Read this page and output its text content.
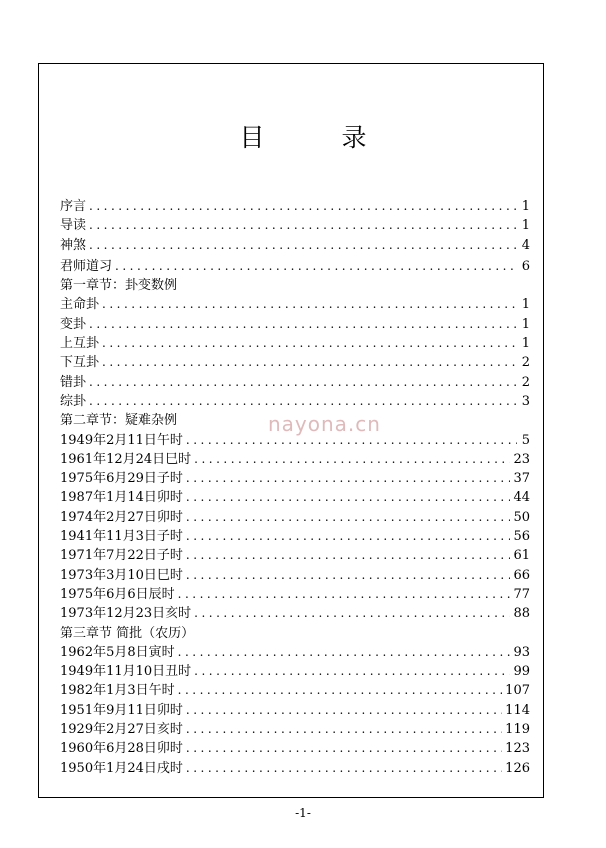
目　录
序言 .....	1
导读 .....	1
神煞 .....	4
君师道习 .....	6
第一章节：卦变数例
主命卦 .....	1
变卦 .....	1
上互卦 .....	1
下互卦 .....	2
错卦 .....	2
综卦 .....	3
第二章节：疑难杂例
1949年2月11日午时 .....	5
1961年12月24日巳时 .....	23
1975年6月29日子时 .....	37
1987年1月14日卯时 .....	44
1974年2月27日卯时 .....	50
1941年11月3日子时 .....	56
1971年7月22日子时 .....	61
1973年3月10日巳时 .....	66
1975年6月6日辰时 .....	77
1973年12月23日亥时 .....	88
第三章节 简批（农历）
1962年5月8日寅时 .....	93
1949年11月10日丑时 .....	99
1982年1月3日午时 .....	107
1951年9月11日卯时 .....	114
1929年2月27日亥时 .....	119
1960年6月28日卯时 .....	123
1950年1月24日戌时 .....	126
nayona.cn
-1-
